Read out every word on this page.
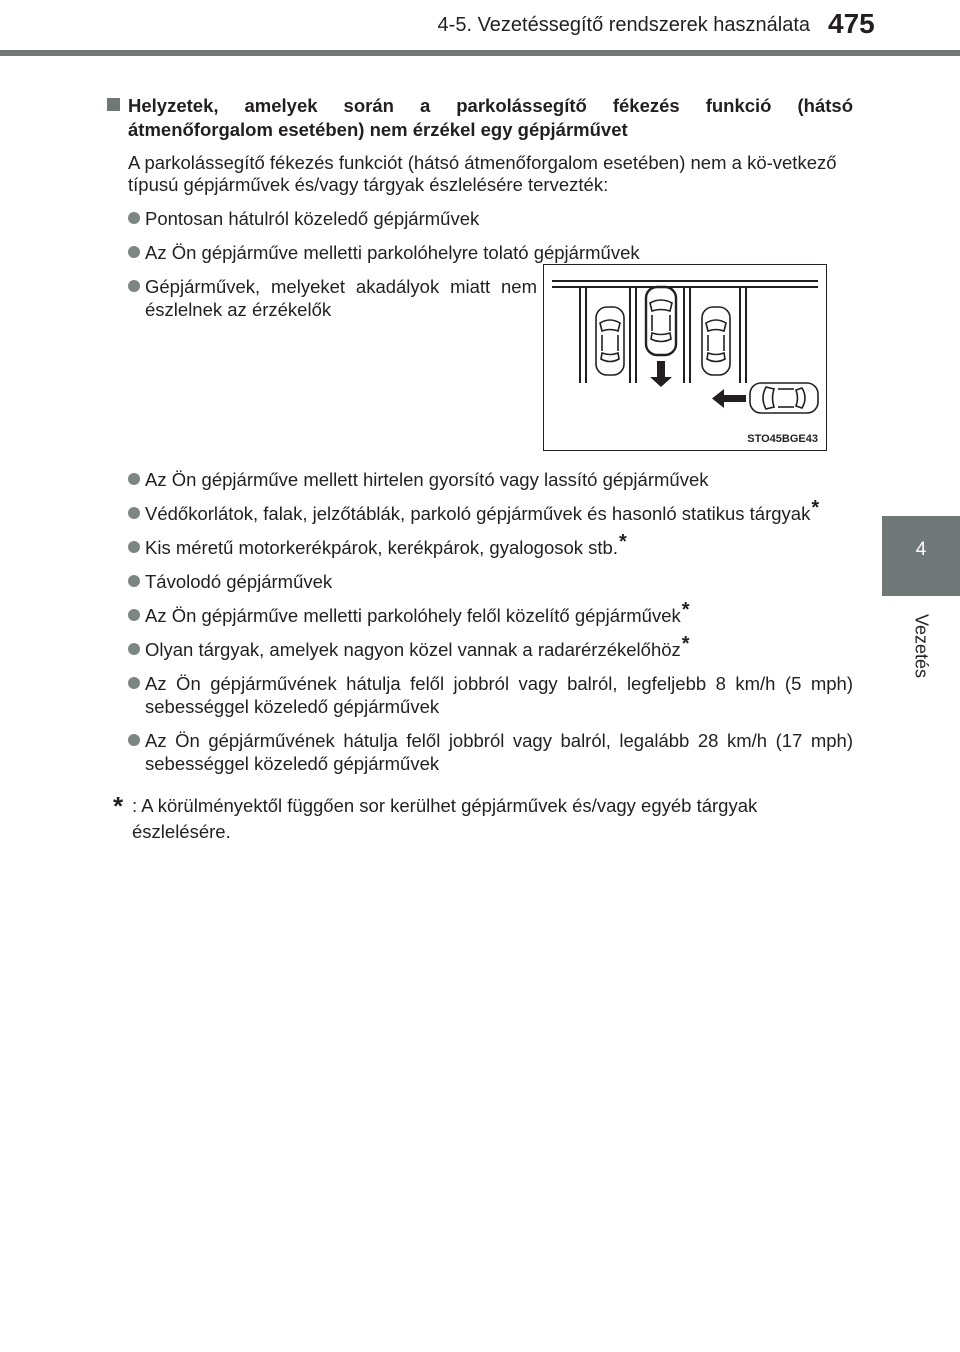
4-5. Vezetéssegítő rendszerek használata 475
4
Vezetés

Helyzetek, amelyek során a parkolássegítő fékezés funkció (hátsó átmenőforgalom esetében) nem érzékel egy gépjárművet

A parkolássegítő fékezés funkciót (hátsó átmenőforgalom esetében) nem a kö-vetkező típusú gépjárművek és/vagy tárgyak észlelésére tervezték:

Pontosan hátulról közeledő gépjárművek
Az Ön gépjárműve melletti parkolóhelyre tolató gépjárművek
Gépjárművek, melyeket akadályok miatt nem észlelnek az érzékelők
Az Ön gépjárműve mellett hirtelen gyorsító vagy lassító gépjárművek
Védőkorlátok, falak, jelzőtáblák, parkoló gépjárművek és hasonló statikus tárgyak*
Kis méretű motorkerékpárok, kerékpárok, gyalogosok stb.*
Távolodó gépjárművek
Az Ön gépjárműve melletti parkolóhely felől közelítő gépjárművek*
Olyan tárgyak, amelyek nagyon közel vannak a radarérzékelőhöz*
Az Ön gépjárművének hátulja felől jobbról vagy balról, legfeljebb 8 km/h (5 mph) sebességgel közeledő gépjárművek
Az Ön gépjárművének hátulja felől jobbról vagy balról, legalább 28 km/h (17 mph) sebességgel közeledő gépjárművek
STO45BGE43
* : A körülményektől függően sor kerülhet gépjárművek és/vagy egyéb tárgyak észlelésére.
